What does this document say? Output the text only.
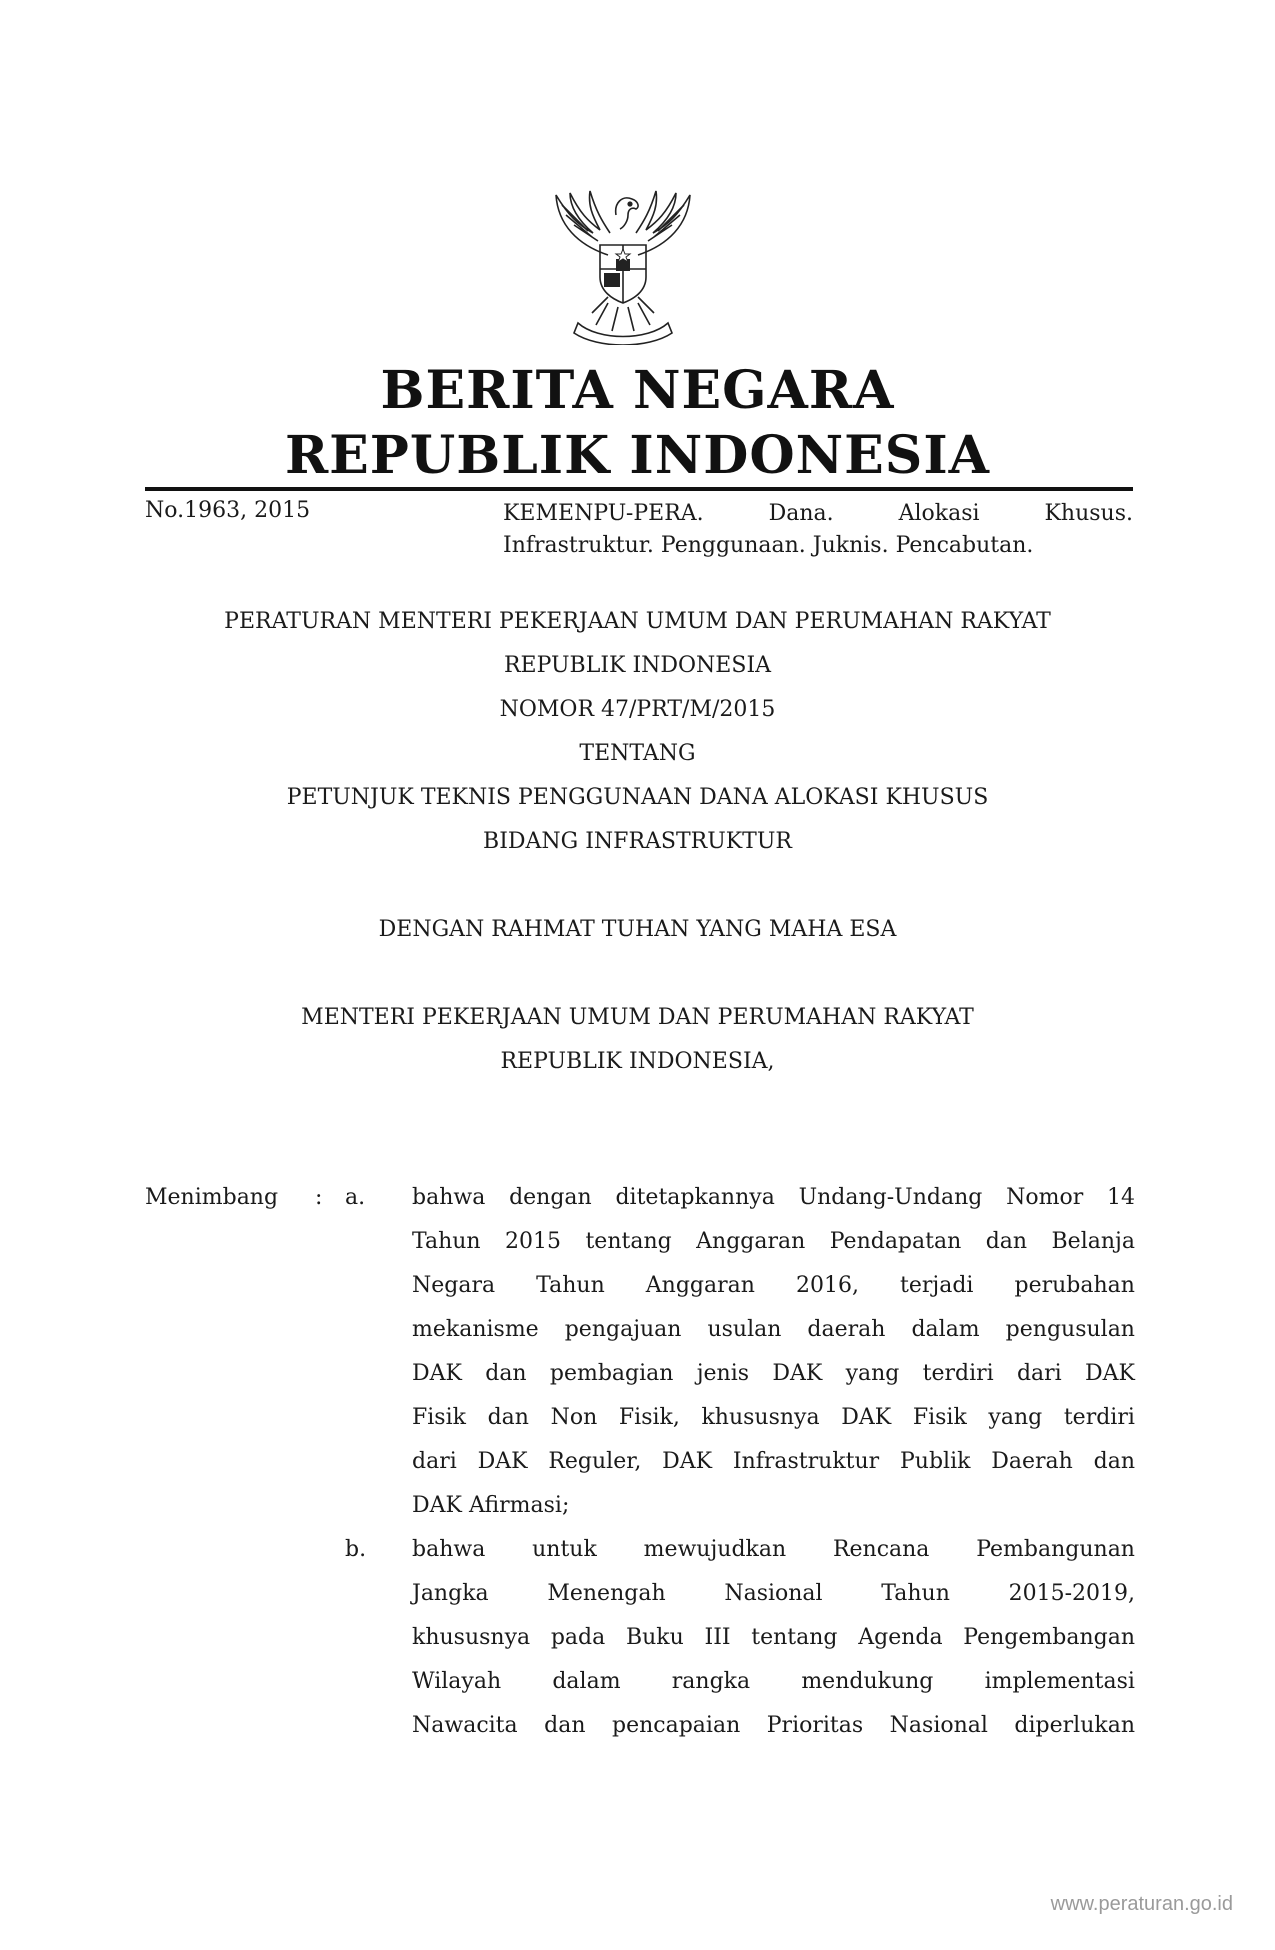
BERITA NEGARA
REPUBLIK INDONESIA
No.1963, 2015	KEMENPU-PERA.	Dana.	Alokasi	Khusus.
Infrastruktur. Penggunaan. Juknis. Pencabutan.
PERATURAN MENTERI PEKERJAAN UMUM DAN PERUMAHAN RAKYAT
REPUBLIK INDONESIA
NOMOR 47/PRT/M/2015
TENTANG
PETUNJUK TEKNIS PENGGUNAAN DANA ALOKASI KHUSUS
BIDANG INFRASTRUKTUR
DENGAN RAHMAT TUHAN YANG MAHA ESA
MENTERI PEKERJAAN UMUM DAN PERUMAHAN RAKYAT
REPUBLIK INDONESIA,
Menimbang	:	a.	bahwa dengan ditetapkannya Undang-Undang Nomor 14
Tahun 2015 tentang Anggaran Pendapatan dan Belanja
Negara Tahun Anggaran 2016, terjadi perubahan
mekanisme pengajuan usulan daerah dalam pengusulan
DAK dan pembagian jenis DAK yang terdiri dari DAK
Fisik dan Non Fisik, khususnya DAK Fisik yang terdiri
dari DAK Reguler, DAK Infrastruktur Publik Daerah dan
DAK Afirmasi;
b.	bahwa untuk mewujudkan Rencana Pembangunan
Jangka	Menengah	Nasional	Tahun	2015-2019,
khususnya pada Buku III tentang Agenda Pengembangan
Wilayah dalam rangka mendukung implementasi
Nawacita dan pencapaian Prioritas Nasional diperlukan
www.peraturan.go.id
